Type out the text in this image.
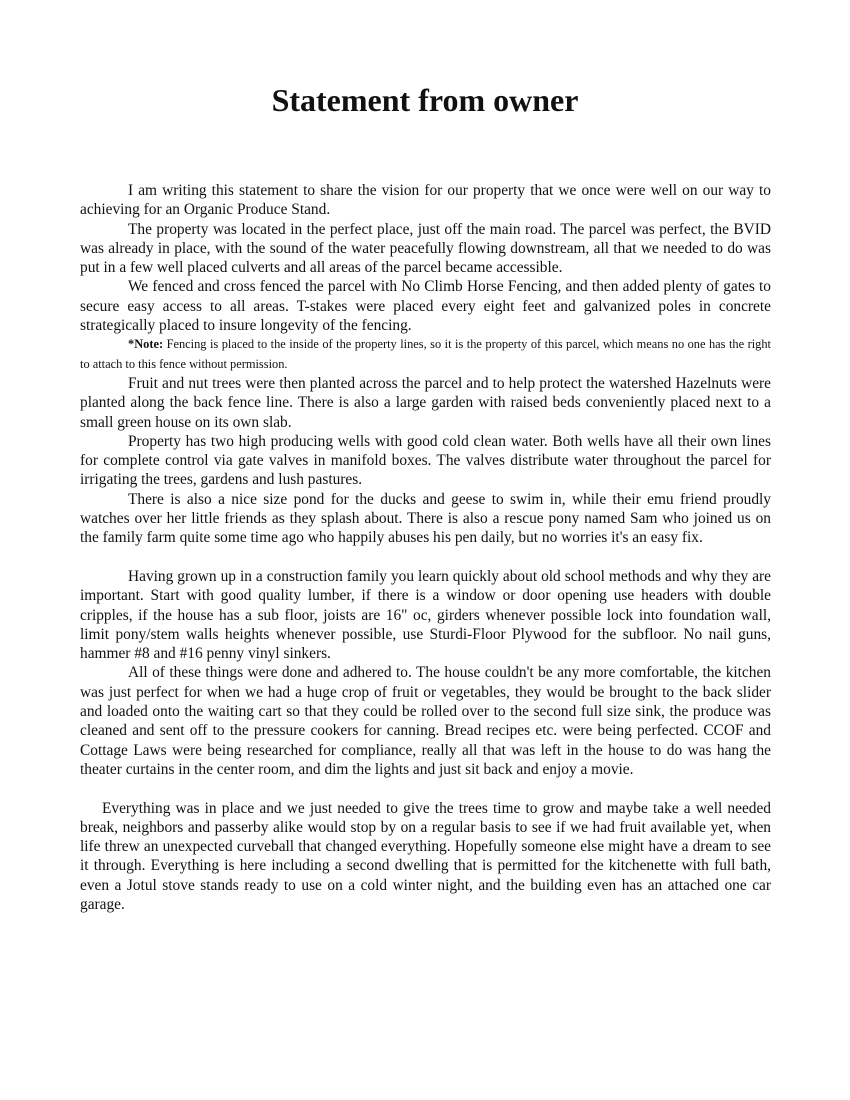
Statement from owner

I am writing this statement to share the vision for our property that we once were well on our way to achieving for an Organic Produce Stand.

The property was located in the perfect place, just off the main road. The parcel was perfect, the BVID was already in place, with the sound of the water peacefully flowing downstream, all that we needed to do was put in a few well placed culverts and all areas of the parcel became accessible.

We fenced and cross fenced the parcel with No Climb Horse Fencing, and then added plenty of gates to secure easy access to all areas. T-stakes were placed every eight feet and galvanized poles in concrete strategically placed to insure longevity of the fencing.

*Note: Fencing is placed to the inside of the property lines, so it is the property of this parcel, which means no one has the right to attach to this fence without permission.

Fruit and nut trees were then planted across the parcel and to help protect the watershed Hazelnuts were planted along the back fence line. There is also a large garden with raised beds conveniently placed next to a small green house on its own slab.

Property has two high producing wells with good cold clean water. Both wells have all their own lines for complete control via gate valves in manifold boxes. The valves distribute water throughout the parcel for irrigating the trees, gardens and lush pastures.

There is also a nice size pond for the ducks and geese to swim in, while their emu friend proudly watches over her little friends as they splash about. There is also a rescue pony named Sam who joined us on the family farm quite some time ago who happily abuses his pen daily, but no worries it's an easy fix.

Having grown up in a construction family you learn quickly about old school methods and why they are important. Start with good quality lumber, if there is a window or door opening use headers with double cripples, if the house has a sub floor, joists are 16" oc, girders whenever possible lock into foundation wall, limit pony/stem walls heights whenever possible, use Sturdi-Floor Plywood for the subfloor. No nail guns, hammer #8 and #16 penny vinyl sinkers.

All of these things were done and adhered to. The house couldn't be any more comfortable, the kitchen was just perfect for when we had a huge crop of fruit or vegetables, they would be brought to the back slider and loaded onto the waiting cart so that they could be rolled over to the second full size sink, the produce was cleaned and sent off to the pressure cookers for canning. Bread recipes etc. were being perfected. CCOF and Cottage Laws were being researched for compliance, really all that was left in the house to do was hang the theater curtains in the center room, and dim the lights and just sit back and enjoy a movie.

Everything was in place and we just needed to give the trees time to grow and maybe take a well needed break, neighbors and passerby alike would stop by on a regular basis to see if we had fruit available yet, when life threw an unexpected curveball that changed everything. Hopefully someone else might have a dream to see it through. Everything is here including a second dwelling that is permitted for the kitchenette with full bath, even a Jotul stove stands ready to use on a cold winter night, and the building even has an attached one car garage.
